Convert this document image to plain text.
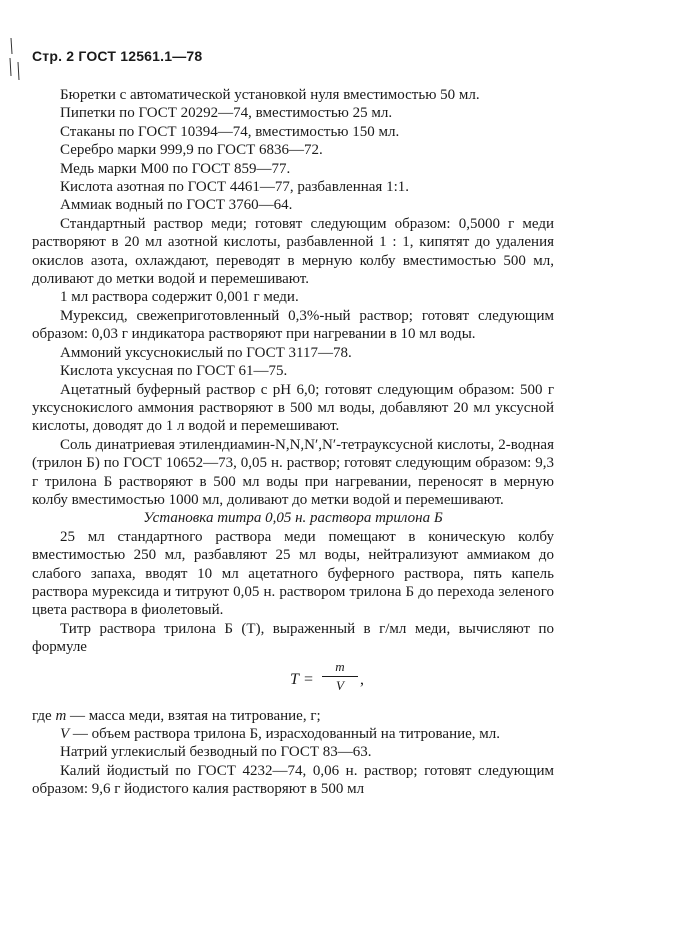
Стр. 2 ГОСТ 12561.1—78

Бюретки с автоматической установкой нуля вместимостью 50 мл.

Пипетки по ГОСТ 20292—74, вместимостью 25 мл.

Стаканы по ГОСТ 10394—74, вместимостью 150 мл.

Серебро марки 999,9 по ГОСТ 6836—72.

Медь марки М00 по ГОСТ 859—77.

Кислота азотная по ГОСТ 4461—77, разбавленная 1:1.

Аммиак водный по ГОСТ 3760—64.

Стандартный раствор меди; готовят следующим образом: 0,5000 г меди растворяют в 20 мл азотной кислоты, разбавленной 1 : 1, кипятят до удаления окислов азота, охлаждают, переводят в мерную колбу вместимостью 500 мл, доливают до метки водой и перемешивают.

1 мл раствора содержит 0,001 г меди.

Мурексид, свежеприготовленный 0,3%-ный раствор; готовят следующим образом: 0,03 г индикатора растворяют при нагревании в 10 мл воды.

Аммоний уксуснокислый по ГОСТ 3117—78.

Кислота уксусная по ГОСТ 61—75.

Ацетатный буферный раствор с рН 6,0; готовят следующим образом: 500 г уксуснокислого аммония растворяют в 500 мл воды, добавляют 20 мл уксусной кислоты, доводят до 1 л водой и перемешивают.

Соль динатриевая этилендиамин-N,N,N′,N′-тетрауксусной кислоты, 2-водная (трилон Б) по ГОСТ 10652—73, 0,05 н. раствор; готовят следующим образом: 9,3 г трилона Б растворяют в 500 мл воды при нагревании, переносят в мерную колбу вместимостью 1000 мл, доливают до метки водой и перемешивают.

Установка титра 0,05 н. раствора трилона Б

25 мл стандартного раствора меди помещают в коническую колбу вместимостью 250 мл, разбавляют 25 мл воды, нейтрализуют аммиаком до слабого запаха, вводят 10 мл ацетатного буферного раствора, пять капель раствора мурексида и титруют 0,05 н. раствором трилона Б до перехода зеленого цвета раствора в фиолетовый.

Титр раствора трилона Б (T), выраженный в г/мл меди, вычисляют по формуле

T =
m
V	,

где m — масса меди, взятая на титрование, г;

V — объем раствора трилона Б, израсходованный на титрование, мл.

Натрий углекислый безводный по ГОСТ 83—63.

Калий йодистый по ГОСТ 4232—74, 0,06 н. раствор; готовят следующим образом: 9,6 г йодистого калия растворяют в 500 мл
